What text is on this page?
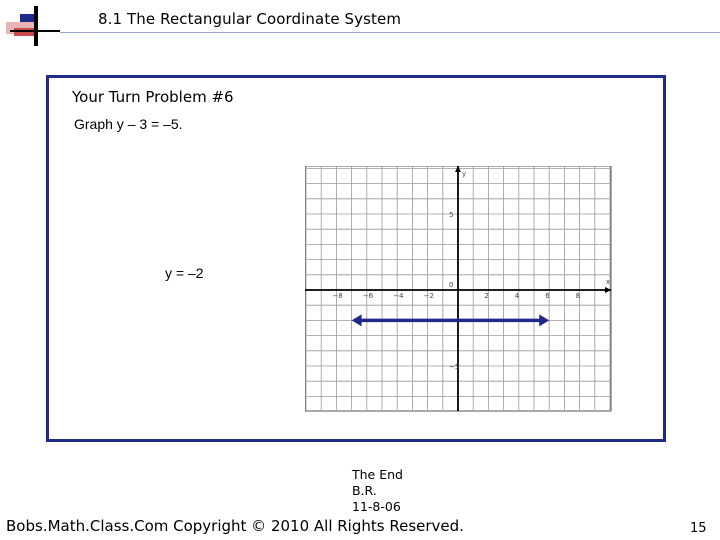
8.1 The Rectangular Coordinate System
Your Turn Problem #6
Graph y – 3 = –5.
y = –2
−8	−6	−4	−2	2	4	6	8
5
0
−5
x
y
The End
B.R.
11-8-06
Bobs.Math.Class.Com Copyright © 2010 All Rights Reserved.	15
